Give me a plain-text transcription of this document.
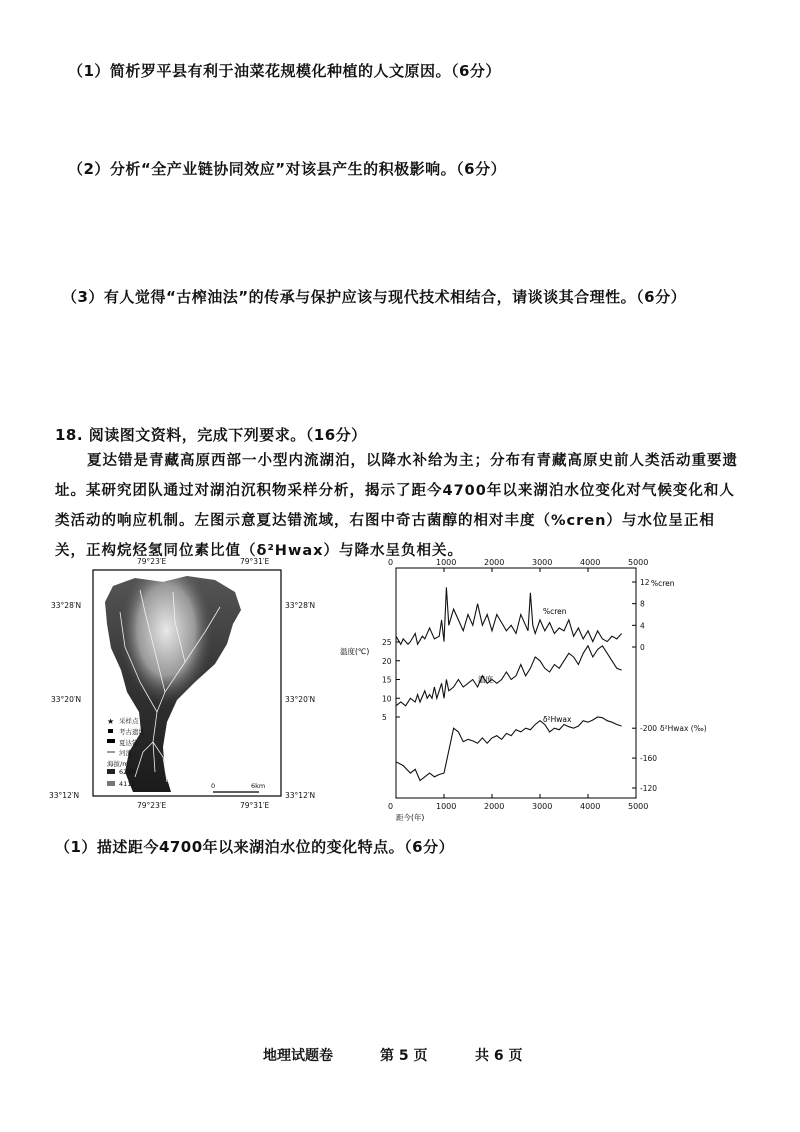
（1）简析罗平县有利于油菜花规模化种植的人文原因。（6分）
（2）分析“全产业链协同效应”对该县产生的积极影响。（6分）
（3）有人觉得“古榨油法”的传承与保护应该与现代技术相结合，请谈谈其合理性。（6分）
18. 阅读图文资料，完成下列要求。（16分）
夏达错是青藏高原西部一小型内流湖泊，以降水补给为主；分布有青藏高原史前人类活动重要遗址。某研究团队通过对湖泊沉积物采样分析，揭示了距今4700年以来湖泊水位变化对气候变化和人类活动的响应机制。左图示意夏达错流域，右图中奇古菌醇的相对丰度（%cren）与水位呈正相关，正构烷烃氢同位素比值（δ²Hwax）与降水呈负相关。
79°23′E	79°31′E
79°23′E	79°31′E
33°28′N	33°28′N
33°20′N	33°20′N
33°12′N	33°12′N
★ 采样点
考古遗址
夏达错
河流
海拔/m
6290
4117	0	6km
0	1000	2000	3000	4000	5000
0	1000	2000	3000	4000	5000
25
20
15
10
5
12
8
4
0
-200
-160
-120
δ²Hwax (‰)
温度(℃)
%cren
距今(年)
%cren
温度
δ²Hwax
（1）描述距今4700年以来湖泊水位的变化特点。（6分）
地理试题卷	第 5 页	共 6 页
